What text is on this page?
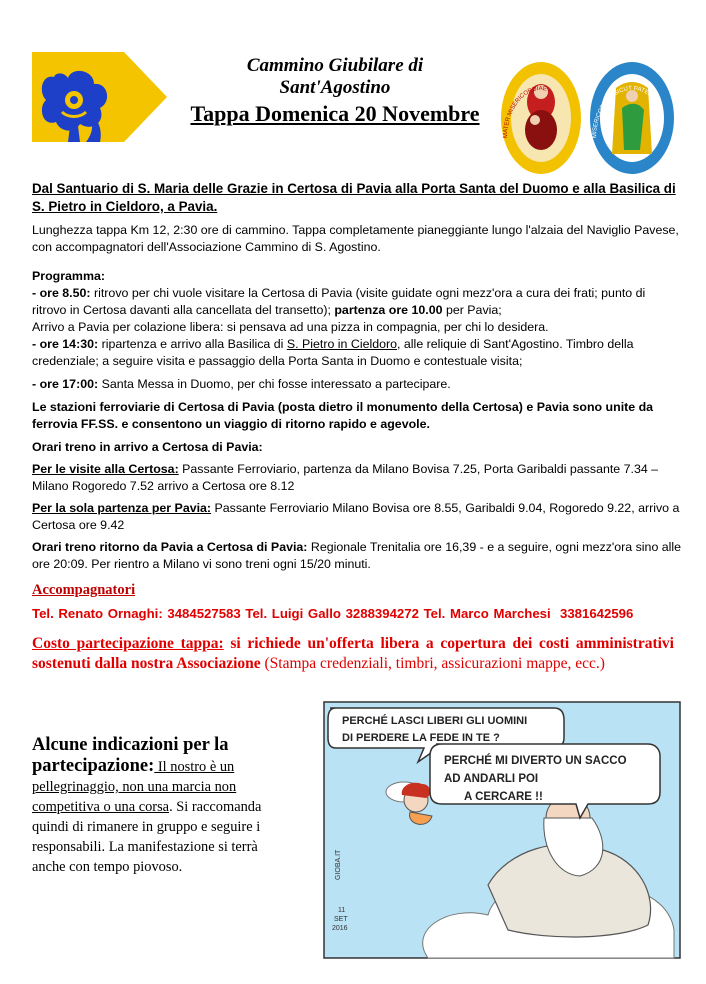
Cammino Giubilare di
Sant'Agostino
Tappa Domenica 20 Novembre
MATER MISERICORDIAE
MISERICORDES SICUT PATER
Dal Santuario di S. Maria delle Grazie in Certosa di Pavia alla Porta Santa del Duomo e alla Basilica di S. Pietro in Cieldoro, a Pavia.
Lunghezza tappa Km 12, 2:30 ore di cammino. Tappa completamente pianeggiante lungo l'alzaia del Naviglio Pavese, con accompagnatori dell'Associazione Cammino di S. Agostino.
Programma:
- ore 8.50: ritrovo per chi vuole visitare la Certosa di Pavia (visite guidate ogni mezz'ora a cura dei frati; punto di ritrovo in Certosa davanti alla cancellata del transetto); partenza ore 10.00 per Pavia;
Arrivo a Pavia per colazione libera: si pensava ad una pizza in compagnia, per chi lo desidera.
- ore 14:30: ripartenza e arrivo alla Basilica di S. Pietro in Cieldoro, alle reliquie di Sant'Agostino. Timbro della credenziale; a seguire visita e passaggio della Porta Santa in Duomo e contestuale visita;
- ore 17:00: Santa Messa in Duomo, per chi fosse interessato a partecipare.
Le stazioni ferroviarie di Certosa di Pavia (posta dietro il monumento della Certosa) e Pavia sono unite da ferrovia FF.SS. e consentono un viaggio di ritorno rapido e agevole.
Orari treno in arrivo a Certosa di Pavia:
Per le visite alla Certosa: Passante Ferroviario, partenza da Milano Bovisa 7.25, Porta Garibaldi passante 7.34 – Milano Rogoredo 7.52 arrivo a Certosa ore 8.12
Per la sola partenza per Pavia: Passante Ferroviario Milano Bovisa ore 8.55, Garibaldi 9.04, Rogoredo 9.22, arrivo a Certosa ore 9.42
Orari treno ritorno da Pavia a Certosa di Pavia: Regionale Trenitalia ore 16,39 - e a seguire, ogni mezz'ora sino alle ore 20:09. Per rientro a Milano vi sono treni ogni 15/20 minuti.
Accompagnatori
Tel. Renato Ornaghi: 3484527583 Tel. Luigi Gallo 3288394272 Tel. Marco Marchesi  3381642596
Costo partecipazione tappa: si richiede un'offerta libera a copertura dei costi amministrativi sostenuti dalla nostra Associazione (Stampa credenziali, timbri, assicurazioni mappe, ecc.)
Alcune indicazioni per la
partecipazione: Il nostro è un pellegrinaggio, non una marcia non competitiva o una corsa. Si raccomanda quindi di rimanere in gruppo e seguire i responsabili. La manifestazione si terrà anche con tempo piovoso.
PERCHÉ LASCI LIBERI GLI UOMINI
DI PERDERE LA FEDE IN TE ?
PERCHÉ MI DIVERTO UN SACCO
AD ANDARLI POI
A CERCARE !!
GIOBA.IT
11
SET
2016
